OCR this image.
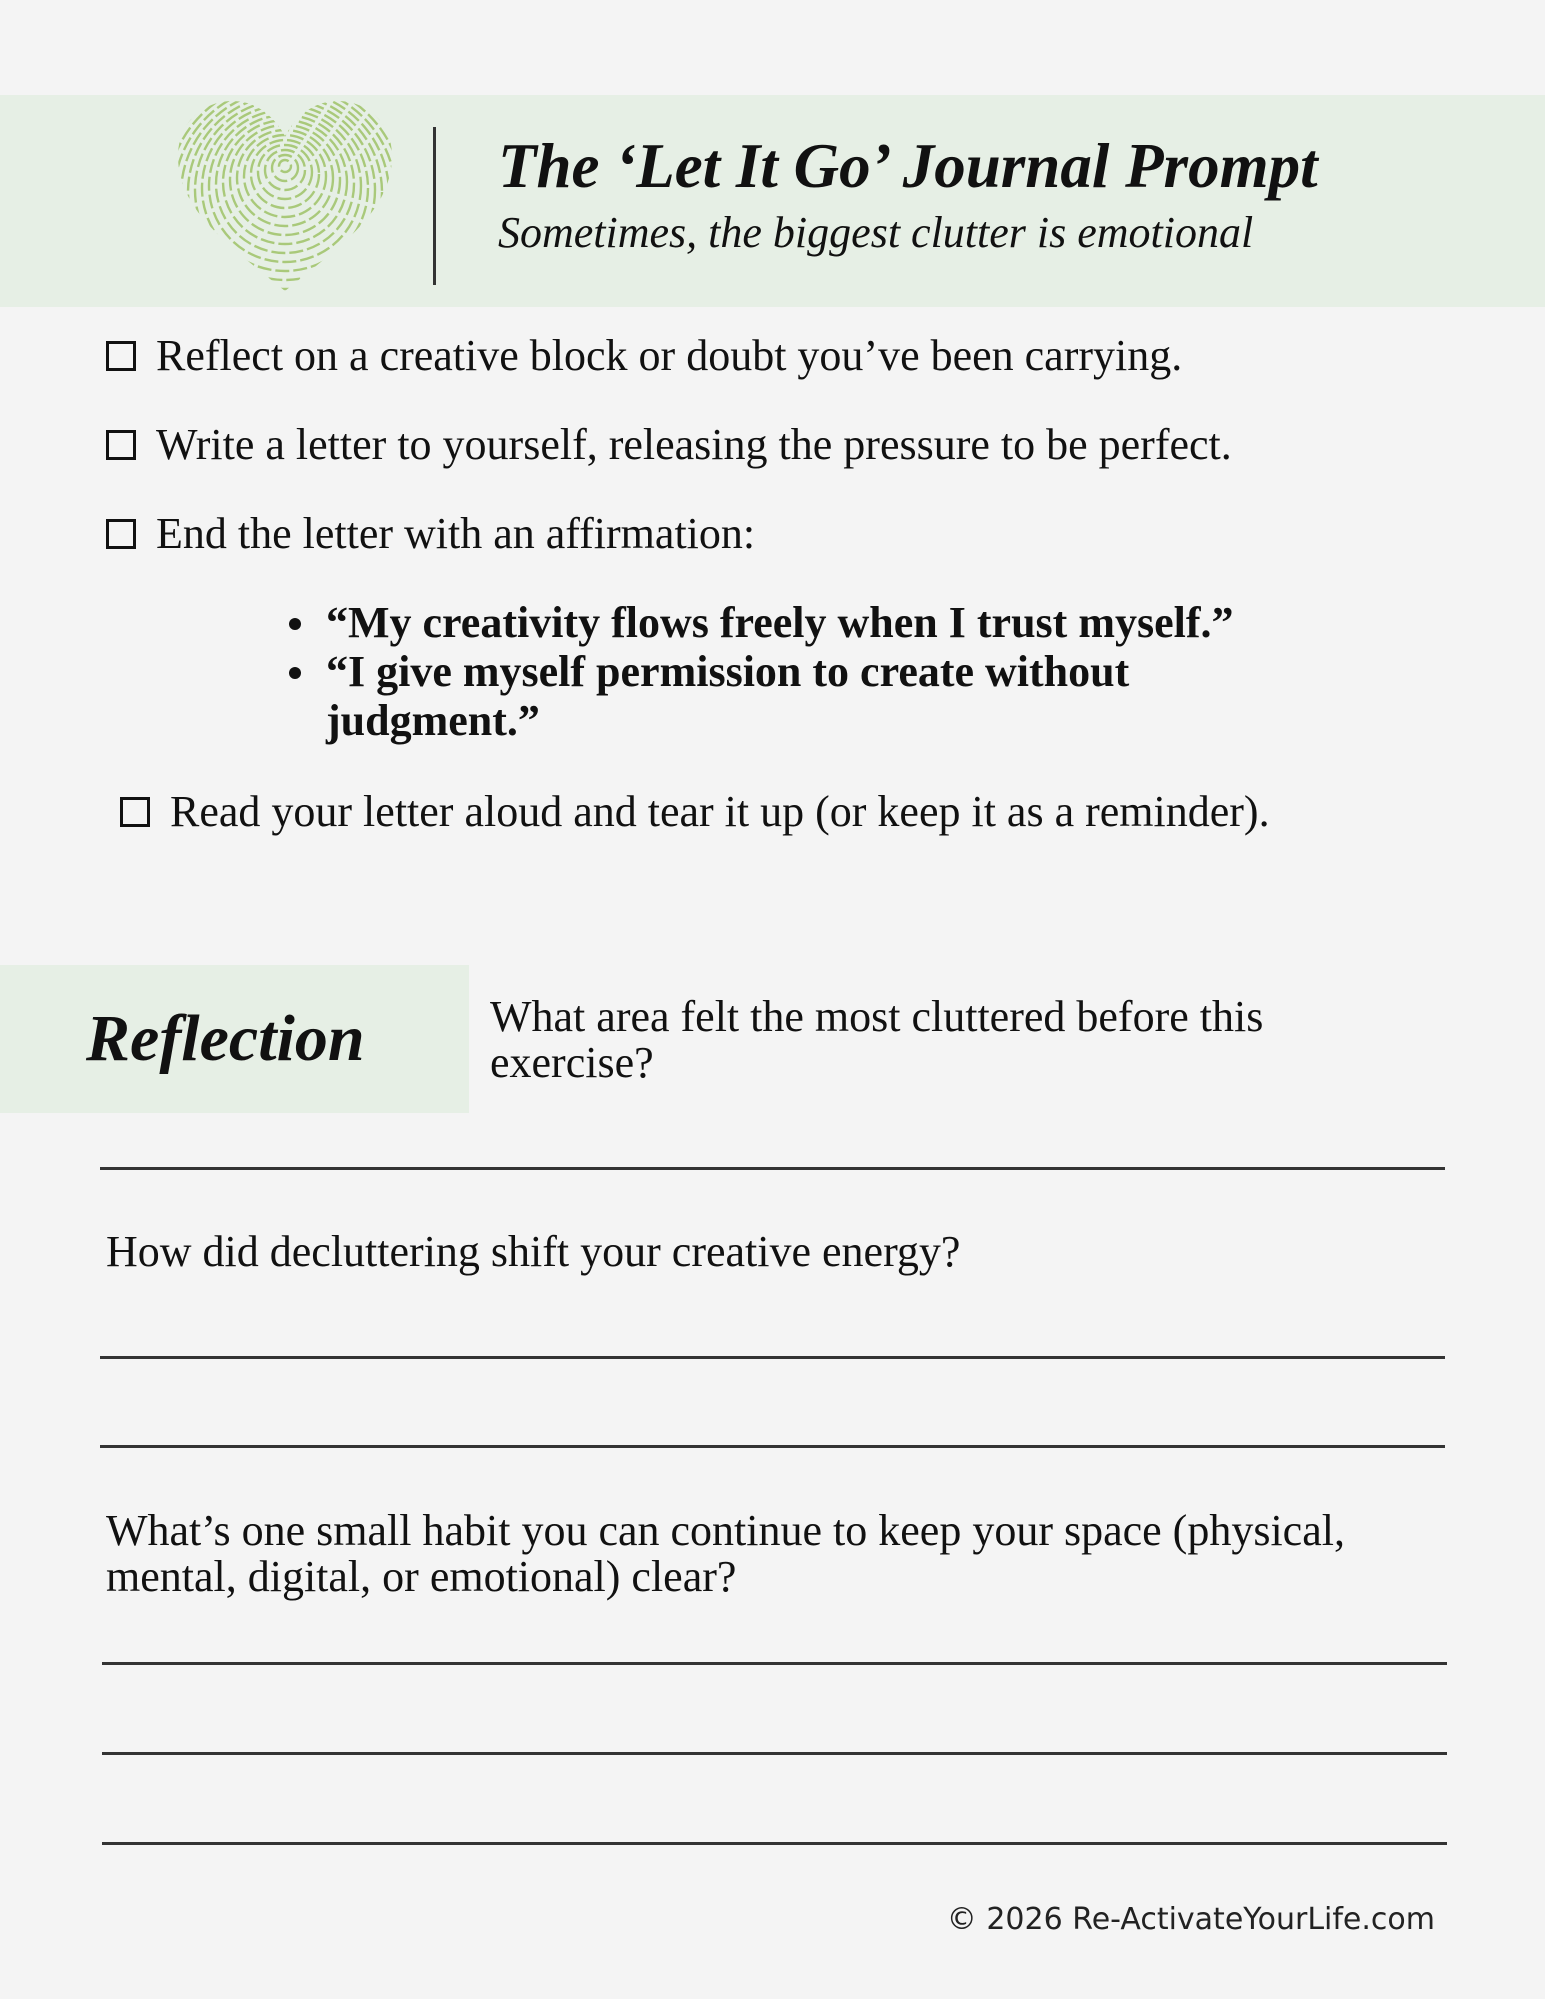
The ‘Let It Go’ Journal Prompt
Sometimes, the biggest clutter is emotional
Reflect on a creative block or doubt you’ve been carrying.
Write a letter to yourself, releasing the pressure to be perfect.
End the letter with an affirmation:
“My creativity flows freely when I trust myself.”
“I give myself permission to create without judgment.”
Read your letter aloud and tear it up (or keep it as a reminder).
Reflection	What area felt the most cluttered before this exercise?
How did decluttering shift your creative energy?
What’s one small habit you can continue to keep your space (physical, mental, digital, or emotional) clear?
© 2026 Re-ActivateYourLife.com
